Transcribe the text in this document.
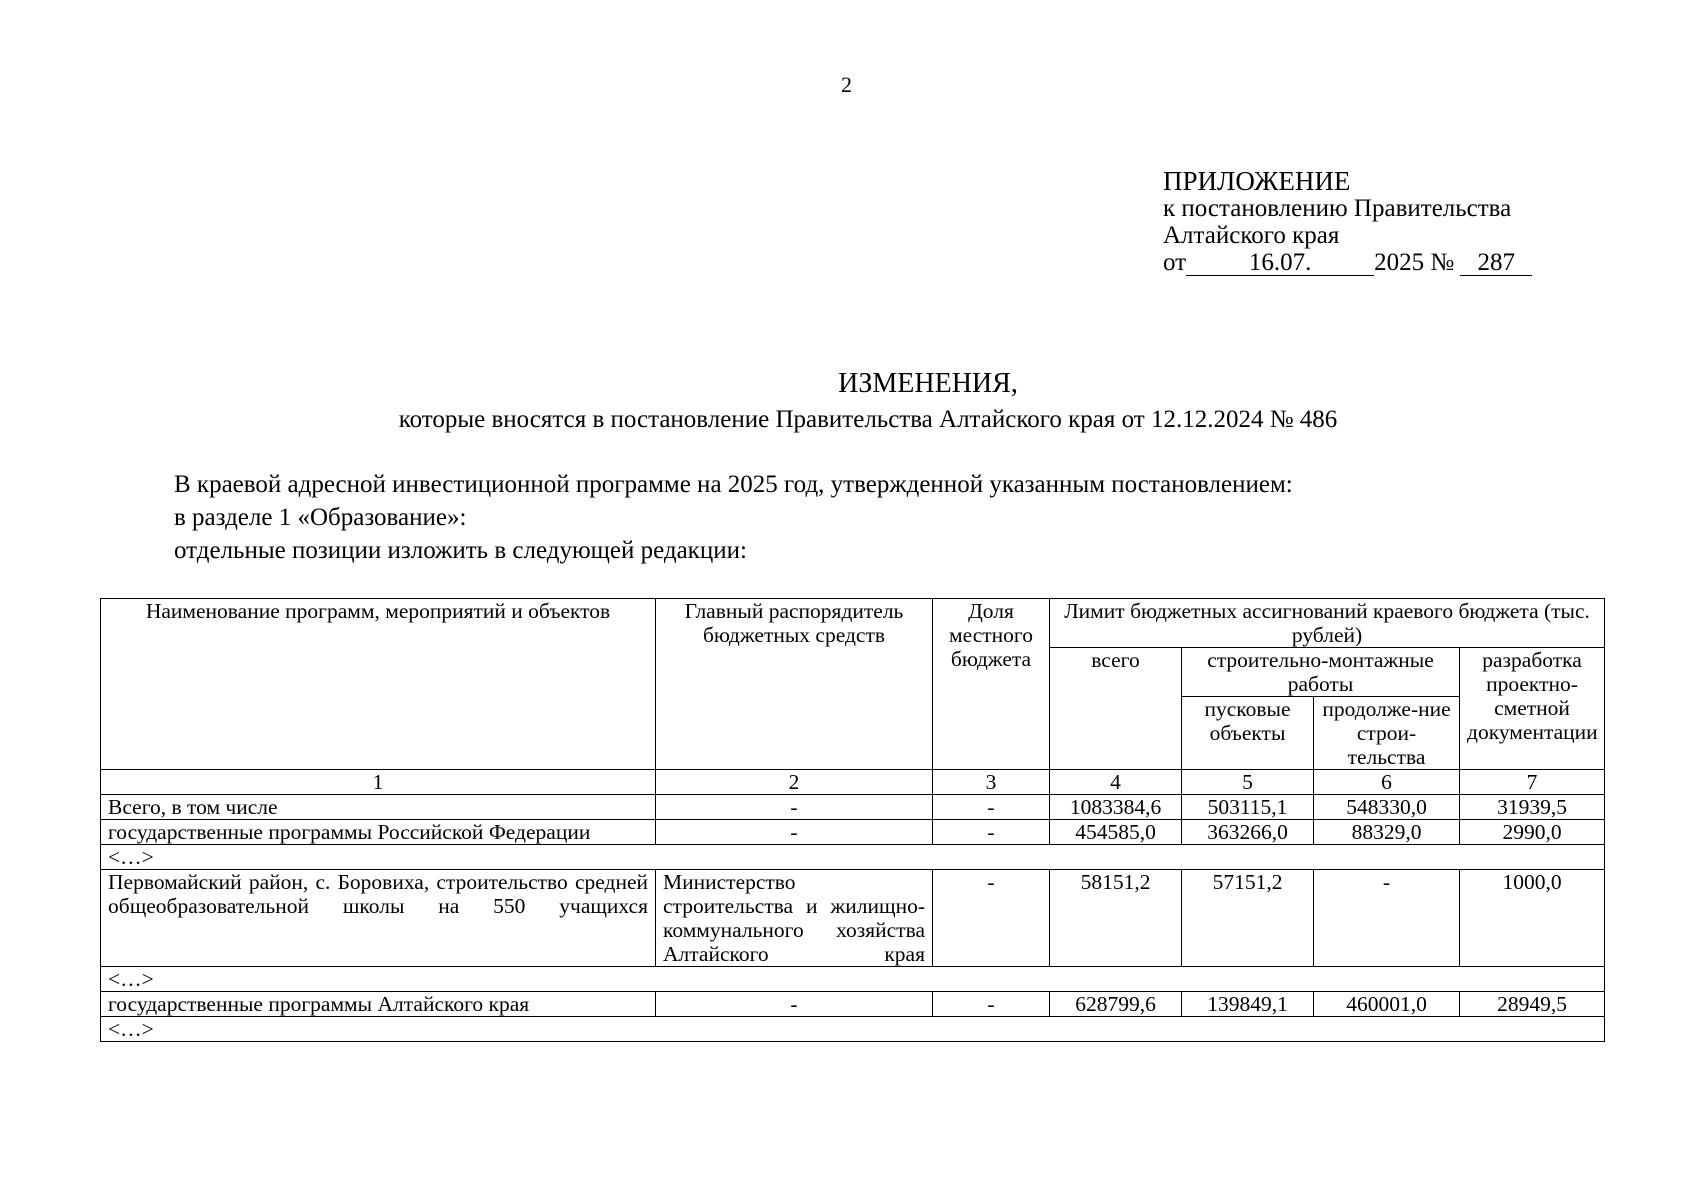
2
ПРИЛОЖЕНИЕ
к постановлению Правительства
Алтайского края
от	16.07.	2025 № 287
ИЗМЕНЕНИЯ,
которые вносятся в постановление Правительства Алтайского края от 12.12.2024 № 486
В краевой адресной инвестиционной программе на 2025 год, утвержденной указанным постановлением:
в разделе 1 «Образование»:
отдельные позиции изложить в следующей редакции:
Наименование программ, мероприятий и объектов	Главный распорядитель бюджетных средств	Доля местного бюджета	Лимит бюджетных ассигнований краевого бюджета (тыс. рублей)			
			всего	строительно-монтажные работы		разработка проектно-сметной документации
				пусковые объекты	продолже-ние строи-тельства	
1	2	3	4	5	6	7
Всего, в том числе	-	-	1083384,6	503115,1	548330,0	31939,5
государственные программы Российской Федерации	-	-	454585,0	363266,0	88329,0	2990,0
<…>						
Первомайский район, с. Боровиха, строительство средней общеобразовательной школы на 550 учащихся	Министерство строительства и жилищно-коммунального хозяйства Алтайского края	-	58151,2	57151,2	-	1000,0
<…>						
государственные программы Алтайского края	-	-	628799,6	139849,1	460001,0	28949,5
<…>						
